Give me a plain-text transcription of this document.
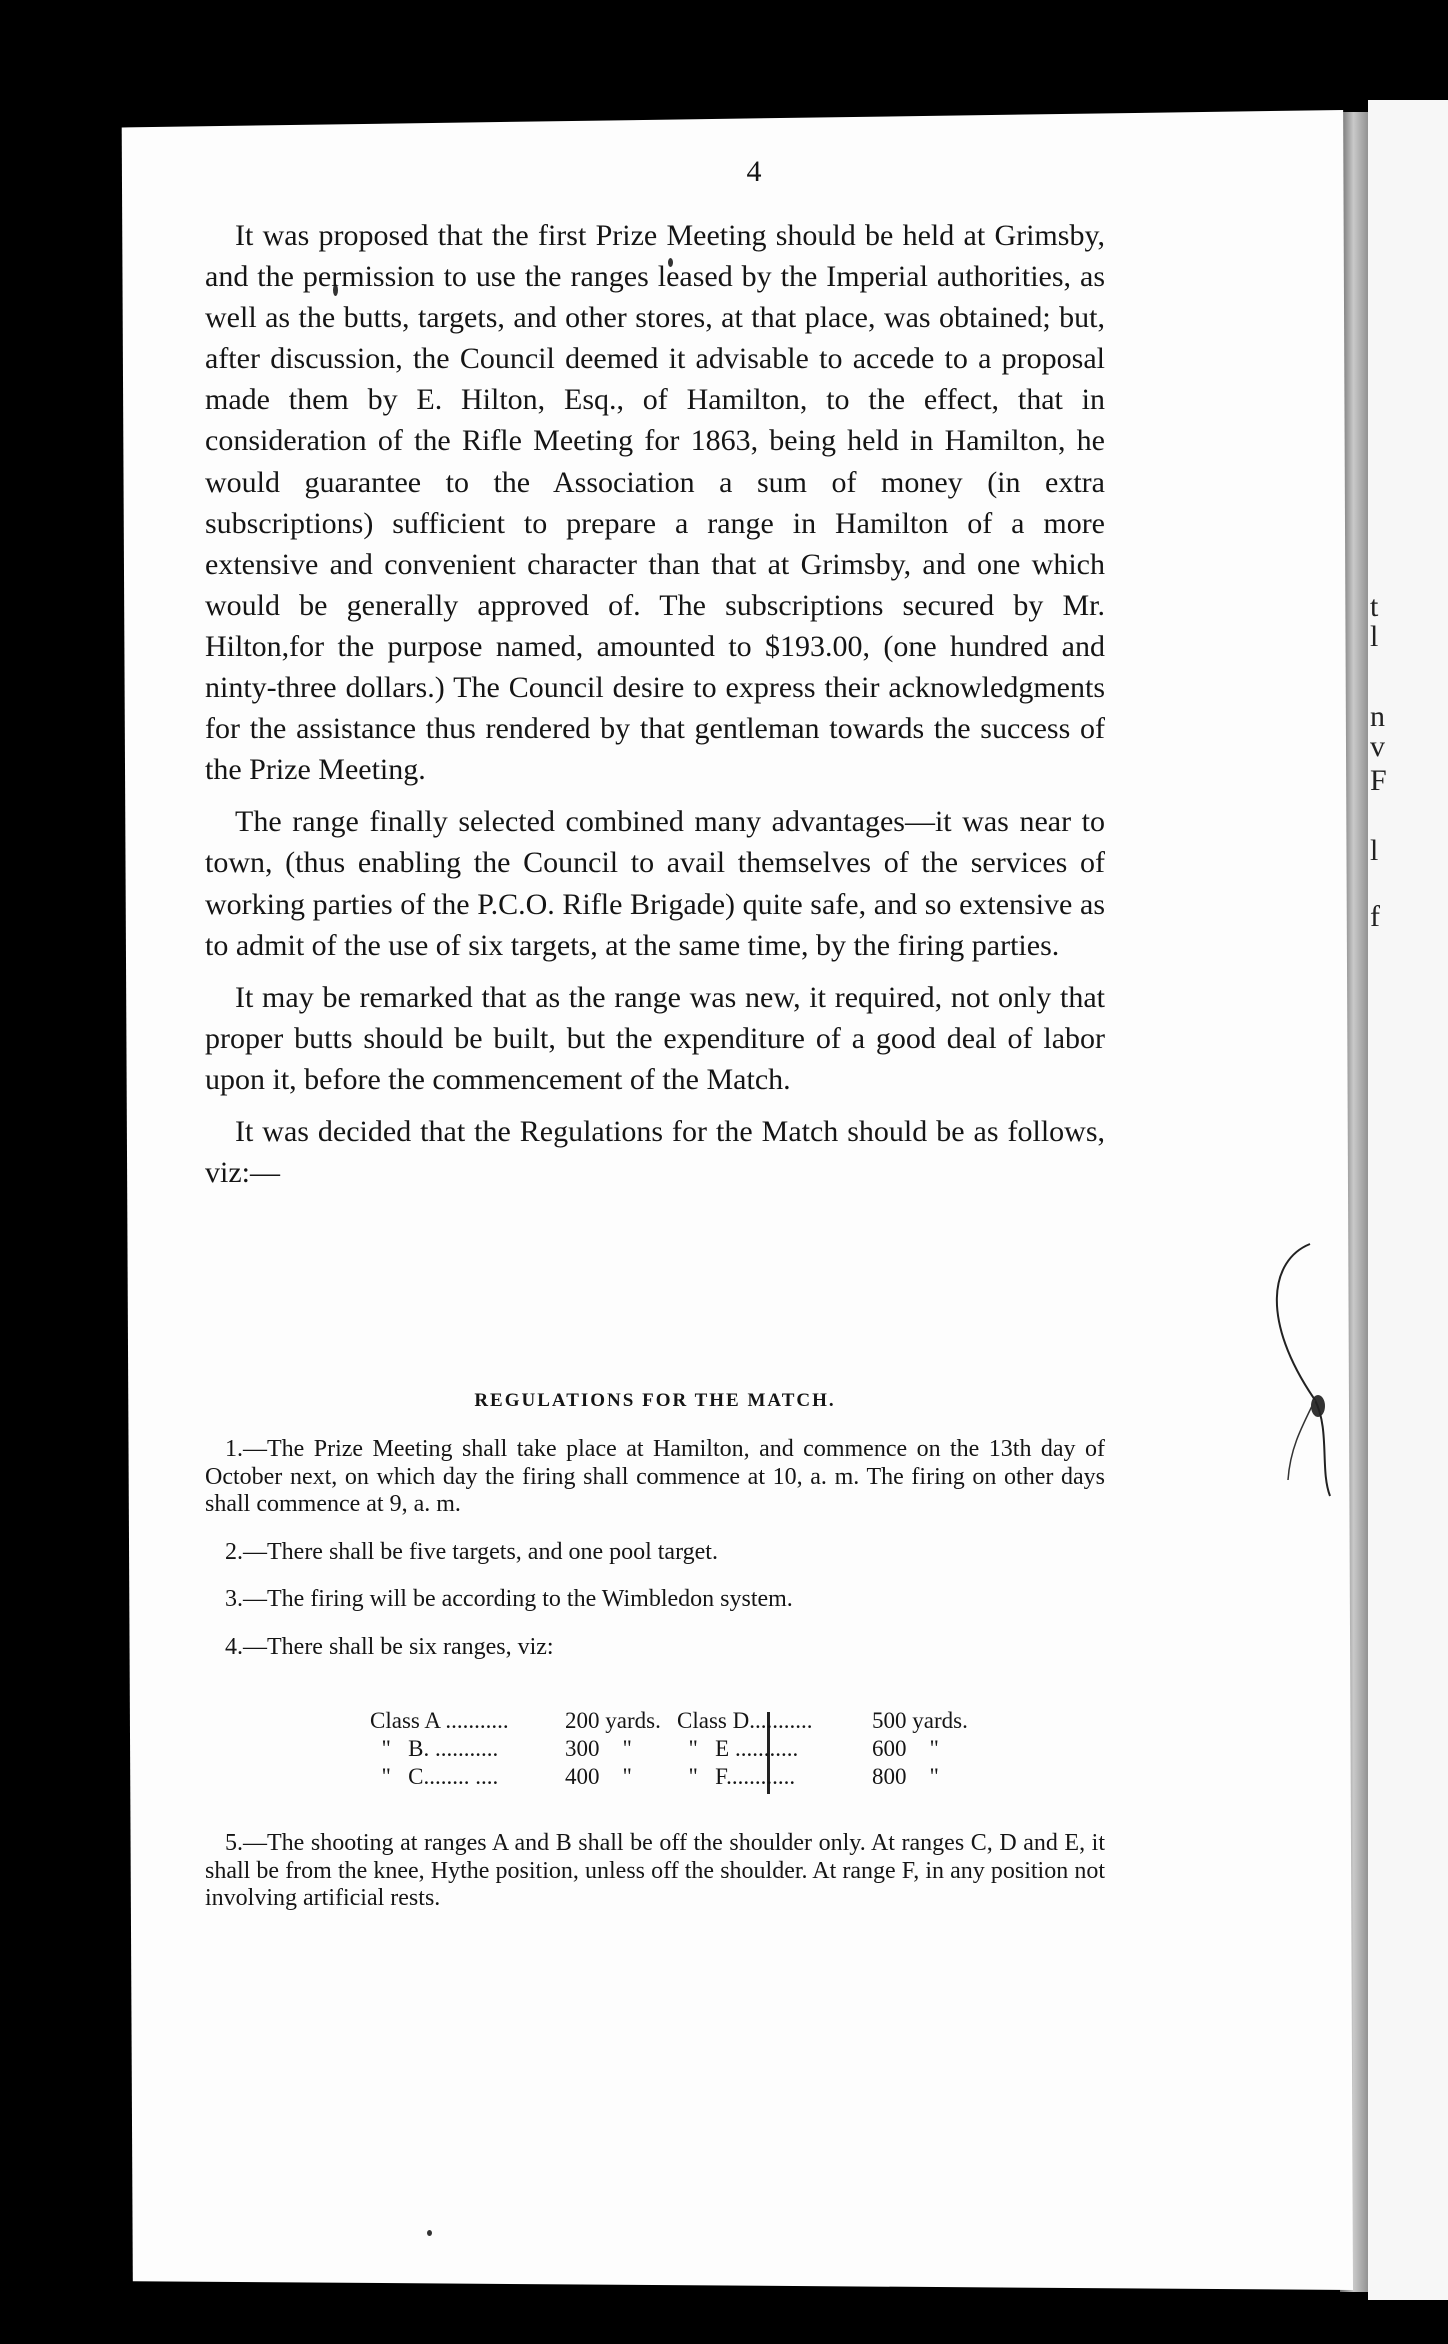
t
l
n
v
F
l
f
4

It was proposed that the first Prize Meeting should be held at Grimsby, and the permission to use the ranges leased by the Imperial authorities, as well as the butts, targets, and other stores, at that place, was obtained; but, after discussion, the Council deemed it advisable to accede to a proposal made them by E. Hilton, Esq., of Hamilton, to the effect, that in consideration of the Rifle Meeting for 1863, being held in Hamilton, he would guarantee to the Association a sum of money (in extra subscriptions) sufficient to prepare a range in Hamilton of a more extensive and convenient character than that at Grimsby, and one which would be generally approved of. The subscriptions secured by Mr. Hilton,for the purpose named, amounted to $193.00, (one hundred and ninty-three dollars.) The Council desire to express their acknowledgments for the assistance thus rendered by that gentleman towards the success of the Prize Meeting.

The range finally selected combined many advantages—it was near to town, (thus enabling the Council to avail themselves of the services of working parties of the P.C.O. Rifle Brigade) quite safe, and so extensive as to admit of the use of six targets, at the same time, by the firing parties.

It may be remarked that as the range was new, it required, not only that proper butts should be built, but the expenditure of a good deal of labor upon it, before the commencement of the Match.

It was decided that the Regulations for the Match should be as follows, viz:—

REGULATIONS FOR THE MATCH.

1.—The Prize Meeting shall take place at Hamilton, and commence on the 13th day of October next, on which day the firing shall commence at 10, a. m. The firing on other days shall commence at 9, a. m.

2.—There shall be five targets, and one pool target.

3.—The firing will be according to the Wimbledon system.

4.—There shall be six ranges, viz:

Class A ........... 200 yards.
"   B. ...........	300    "
"   C........ ....	400    "
Class D........... 500 yards.
"   E ...........	600    "
"   F............	800    "

5.—The shooting at ranges A and B shall be off the shoulder only. At ranges C, D and E, it shall be from the knee, Hythe position, unless off the shoulder. At range F, in any position not involving artificial rests.
